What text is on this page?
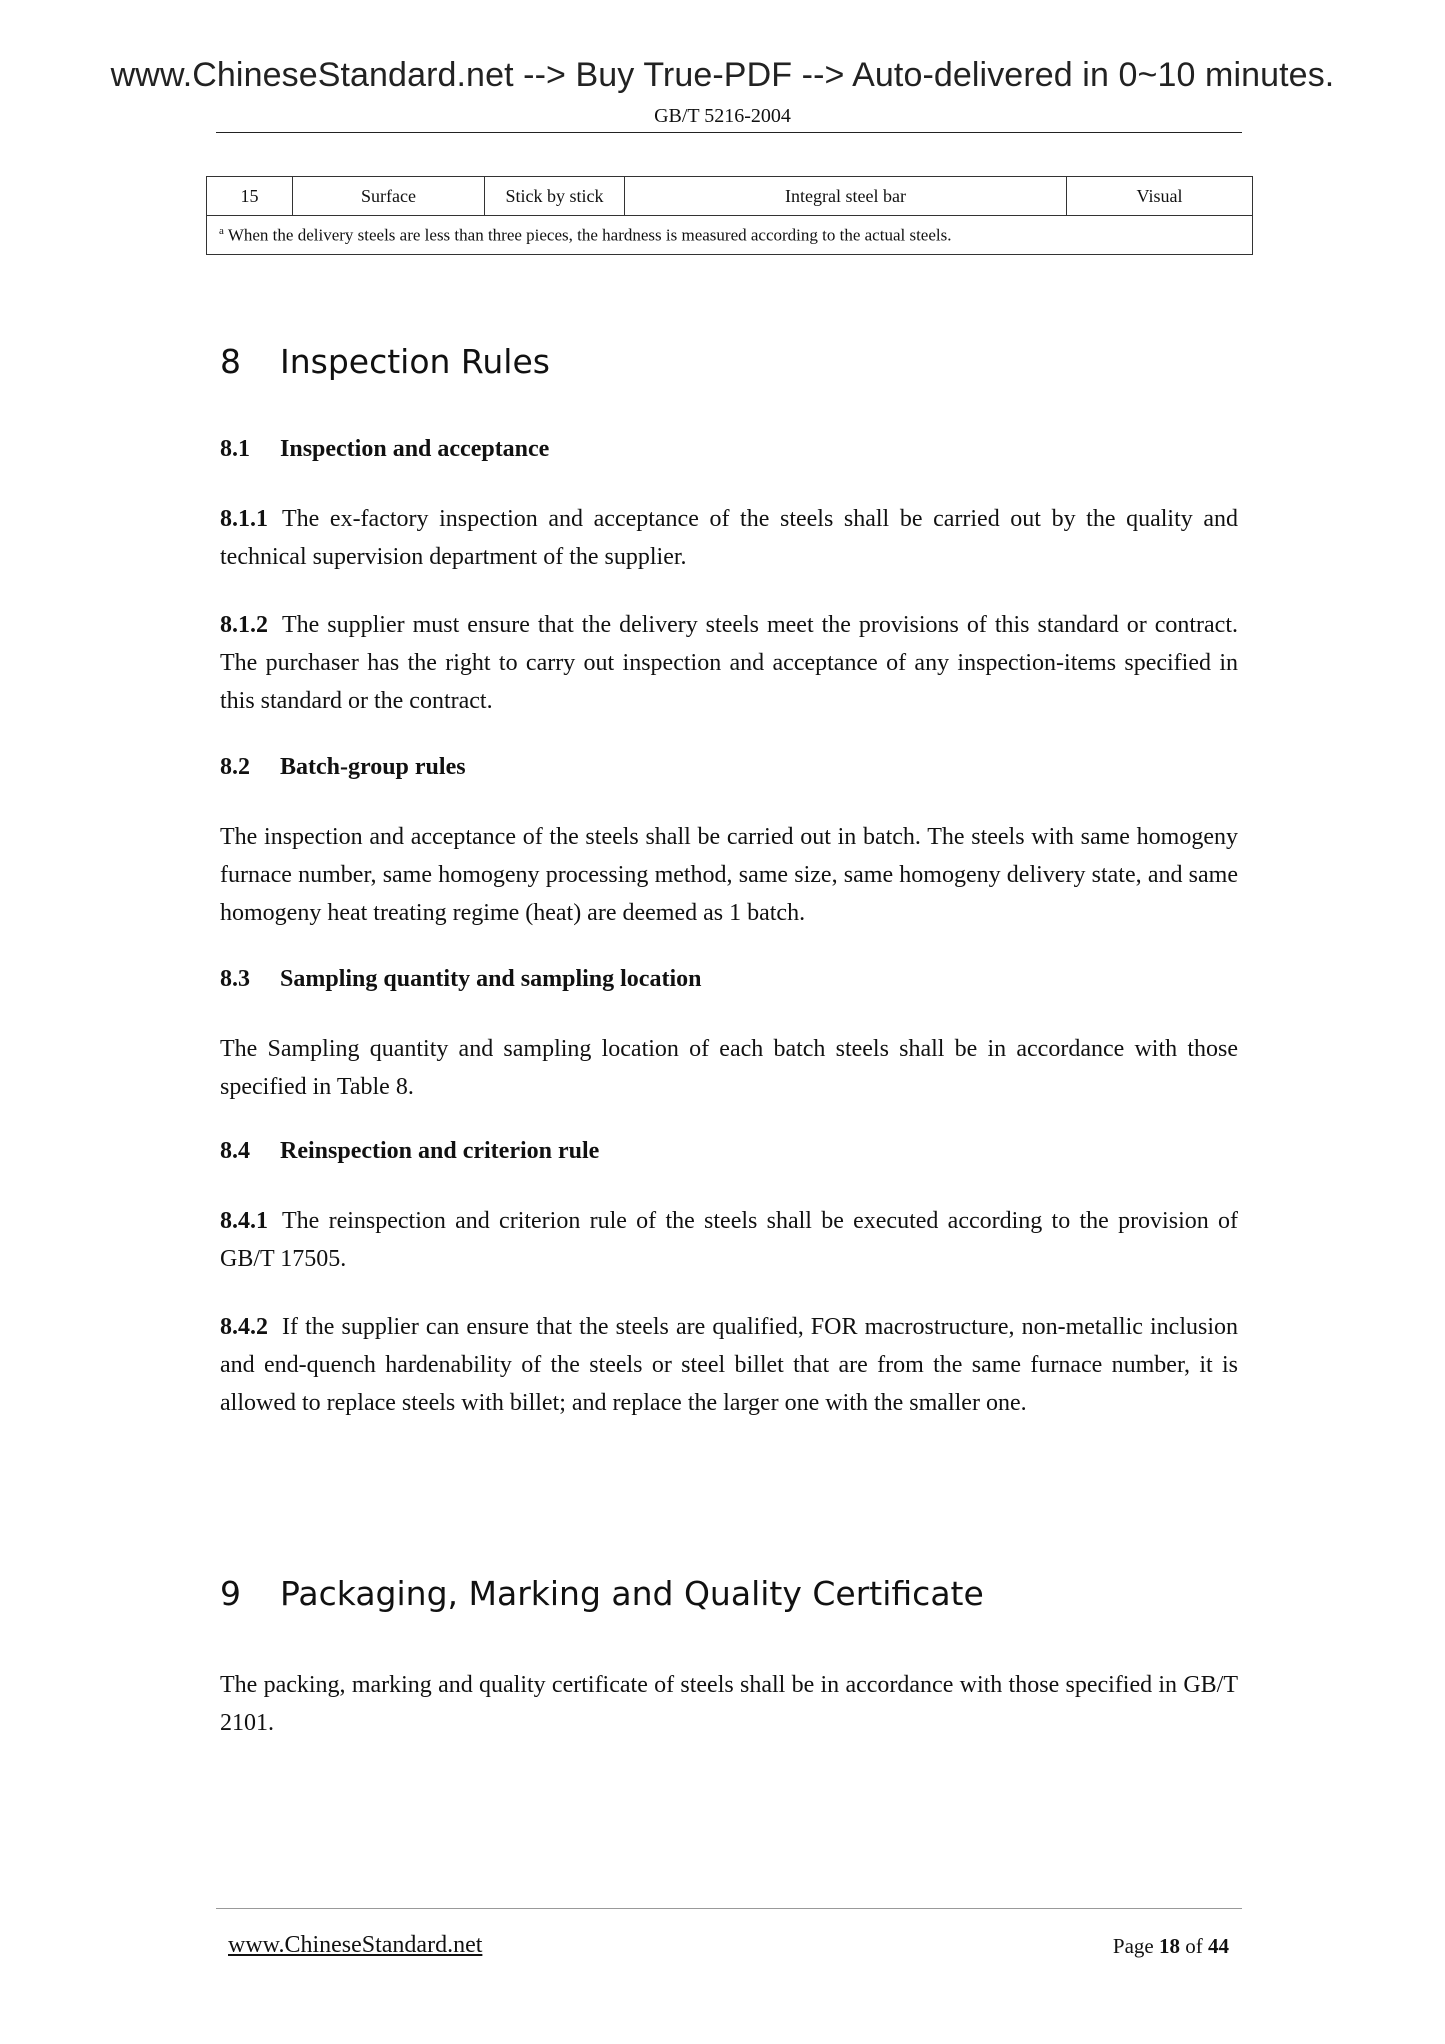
www.ChineseStandard.net --> Buy True-PDF --> Auto-delivered in 0~10 minutes.
GB/T 5216-2004
15	Surface	Stick by stick	Integral steel bar	Visual
$^a$ When the delivery steels are less than three pieces, the hardness is measured according to the actual steels.
8 Inspection Rules
8.1 Inspection and acceptance

8.1.1 The ex-factory inspection and acceptance of the steels shall be carried out by the quality and technical supervision department of the supplier.

8.1.2 The supplier must ensure that the delivery steels meet the provisions of this standard or contract. The purchaser has the right to carry out inspection and acceptance of any inspection-items specified in this standard or the contract.

8.2 Batch-group rules

The inspection and acceptance of the steels shall be carried out in batch. The steels with same homogeny furnace number, same homogeny processing method, same size, same homogeny delivery state, and same homogeny heat treating regime (heat) are deemed as 1 batch.

8.3 Sampling quantity and sampling location

The Sampling quantity and sampling location of each batch steels shall be in accordance with those specified in Table 8.

8.4 Reinspection and criterion rule

8.4.1 The reinspection and criterion rule of the steels shall be executed according to the provision of GB/T 17505.

8.4.2 If the supplier can ensure that the steels are qualified, FOR macrostructure, non-metallic inclusion and end-quench hardenability of the steels or steel billet that are from the same furnace number, it is allowed to replace steels with billet; and replace the larger one with the smaller one.

9 Packaging, Marking and Quality Certificate

The packing, marking and quality certificate of steels shall be in accordance with those specified in GB/T 2101.

www.ChineseStandard.net	Page 18 of 44
